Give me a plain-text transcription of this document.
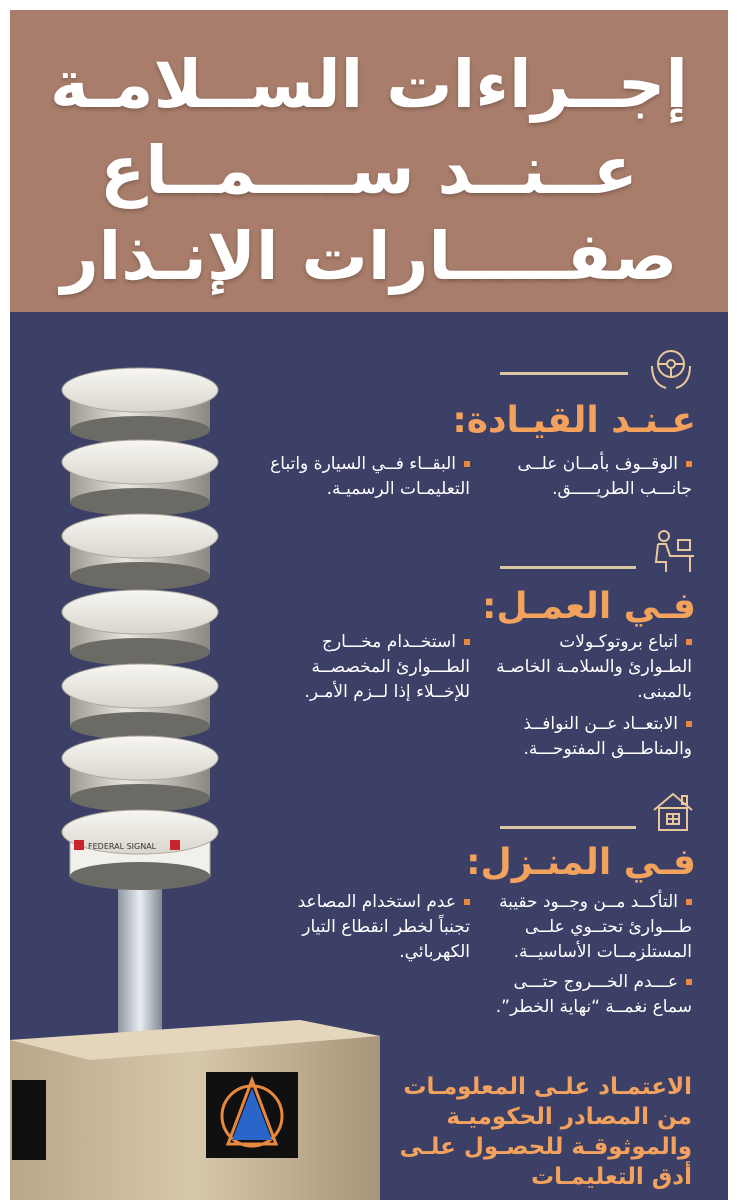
إجــراءات الســلامـة
عــنــد ســــمــاع
صفـــــارات الإنـذار
FEDERAL SIGNAL
عـنـد القيـادة:
الوقــوف بأمــان علــى جانـــب الطريـــــق.
البقــاء فــي السيارة واتباع التعليمـات الرسميـة.
فـي العمـل:
اتباع بروتوكـولات الطـوارئ والسلامـة الخاصـة بالمبنى.
الابتعــاد عــن النوافــذ والمناطـــق المفتوحـــة.
استخــدام مخـــارج الطـــوارئ المخصصــة للإخــلاء إذا لــزم الأمـر.
فـي المنـزل:
التأكــد مــن وجــود حقيبة طـــوارئ تحتــوي علــى المستلزمــات الأساسيــة.
عـــدم الخـــروج حتـــى سماع نغمــة “نهاية الخطر”.
عدم استخدام المصاعد تجنباً لخطر انقطاع التيار الكهربائي.
الاعتمـاد علـى المعلومـات من المصادر الحكوميـة والموثوقـة للحصـول علـى أدق التعليمـات
